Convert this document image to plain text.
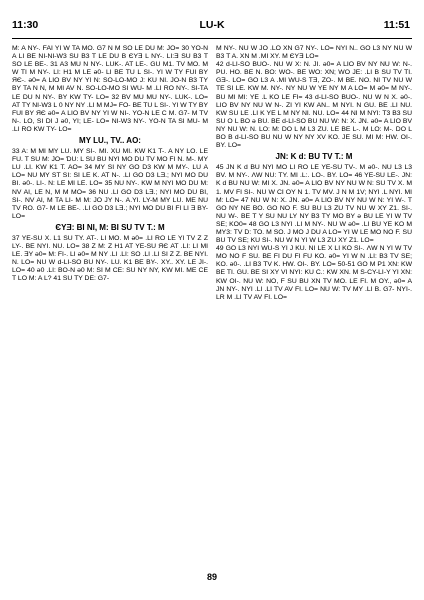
11:30	LU-K	11:51

M: A NY-. FAI YI W TA MO. G7 N M SO LE DU M: JO= 30 YO-N A LI BE NI-NI-W3 SU B3 T LE DU B ЄYƎ L NY-. LI:Ǝ SU B3 T SO LE BE-. 31 A3 MU N NY-. LUK-. AT LE-. GU M1. TV MO. M W TI M NY-. LI: H1 M LE ǝ0- LI BE TU L SI-. YI W TY FUI BY ЯЄ-. ǝ0= A LIO BV NY YI N: SO-LO-MO J: KU NI. JO-N B3 TY BY TA N N, M MI AV N. SO-LO-MO SI WU- M .LI RO NY-. SI-TA LE DU N NY-. BY KW TY- LO= 32 BV MU MU NY-. LUK-. LO= AT TY NI-W3 L 0 NY NY .LI M MJ= FO- BE TU L SI-. YI W TY BY FUI BY ЯЄ ǝ0= A LIO BV NY YI W NI-. YO-N LE C M. G7- M TV N-. LO, SI DI J ǝ0, YI; LE- LO= NI-W3 NY-. YO-N TA SI MU- M .LI RO KW TY- LO=

MY LU., TV.. AO:

33 A: M MI MY LU. MY SI-. MI. XU MI. KW K1 T-. A NY LO. LE FU. T SU M: JO= ƊU: L SU BU NYI MO DU TV MO FI N. M-. MY LU .LI. KW K1 T. AO= 34 MY SI NY GO D3 KW M MY-. LU A LO= NU MY ST SI: SI LE K. AT N-. .LI GO D3 LƎ.; NYI MO DU BI. ǝ0-. LI-. N: LE MI LE. LO= 35 NU NY-. KW M NYI MO DU M: NV AI, LE N, M M MO= 36 NU .LI GO D3 LƎ.; NYI MO DU BI, SI-. NV AI, M TA LI- M M: JO JY N-. A.YI. LY-M MY LU. ME NU TV RO. G7- M LE BE-. .LI GO D3 LƎ.; NYI MO DU BI FI LI Ǝ BY- LO=

ЄYƎ: BI NI, M: BI SU TV T.: M

37 YE-SU X. L1 SU TY. AT-. LI MO. M ǝ0= .LI RO LE YI TV Z Z LY-. BE NYI. NU. LO= 38 Z M: Z H1 AT YE-SU ЯЄ AT .LI: LI MI LE. ƎY ǝ0= M: FI-. LI ǝ0= M NY .LI .LI: SO .LI .LI SI Z Z. BE NYI. N. LO= NU W d-LI-SO BU NY-. LU. K1 BE BY-. XY.. XY. LE JI-. LO= 40 ǝ0 .LI: BO-N ǝ0 M: SI M CE: SU NY NY, KW MI. ME CE T LO M: A L? 41 SU TY DE: G7-

M NY-. NU W JO .LO XN G7 NY-. LO= NYI N.. GO L3 NY NU W B3 T A. XN M .MI XY. M ЄYƎ LO=

42 d-LI-SO BUO-. NU W X: N. JI. ǝ0= A LIO BV NY NU W: N-. PU. HO. BE N. BO: WO-. BE WO: XN; WO JE: .LI B SU TV TI. GƎ-. LO= GO L3 A .MI WU-S TƎ, ZO-. M BE. NO. NI TV NU W TE SI LE. KW M. NY-. NY NU W YE NY M A LO= M ǝ0= M NY-. BU MI MI: YE .L KO LE FI= 43 d-LI-SO BUO-. NU W N X. ǝ0-. LIO BV NY NU W N-. ZI YI KW AN.. M NYI. N GU. BE .LI NU. KW SU LE .LI K YE L M NY NI. NU. LO= 44 NI M NYI: T3 B3 SU SU O L BO ǝ BU. BE d-LI-SO BU NU W: N: X. JN. ǝ0= A LIO BV NY NU W: N. LO: M: DO L M L3 ZU. LE BE L-. M LO: M-. DO L BO B d-LI-SO BU NU W NY NY XV KO. JE SU. MI M: HW. OI-. BY. LO=

JN: K d: BU TV T.: M

45 JN K d BU NYI MO LI RO LE YE-SU TV-. M ǝ0-. NU L3 L3 BV. M NY-. ΛW NU: TY. MI .L:. LO-. BY. LO= 46 YE-SU LE-. JN: K d BU NU W: MI X. JN. ǝ0= A LIO BV NY NU W N: SU TV X. M 1. MV FI SI-. NU W CI OY N 1. TV MV. J N M 1V; NYI .L NYI. MI M: LO= 47 NU W N: X. JN. ǝ0= A LIO BV NY NU W N: YI W-. T GO NY NE BO. GO NO F. SU BU L3 ZU TV NU W XY Z1. SI-. NU W-. BE T Y SU NU LY NY B3 TY MO BY ǝ BU LE YI W TV SE; KO0= 48 GO L3 NYI .LI M NY-. NU W ǝ0= .LI BU YE KO M MY3: TV D: TO. M SO. J MO J DU A LO= YI W LE MO NO F. SU BU TV SE; KU SI-. NU W N YI W L3 ZU XY Z1. LO=

49 GO L3 NYI WU-S YI J KU. NI LE X LI KO SI-. ΛW N YI W TV MO NO F SU. BE FI DU FI FU KO. ǝ0= YI W N .LI: B3 TV SE; KO. ǝ0-. .LI B3 TV K. HW. OI-. BY. LO= 50-51 GO M P1 XN: KW BE TI. GU. BE SI XY VI NYI: KU C.: KW XN. M S-CY-LI-Y YI XN: KW OI-. NU W: NO, F SU BU XN TV MO. LE FI. M OY., ǝ0= A JN NY-. NYI .LI .LI TV AV FI. LO= NU W: TV MY .LI B. G7- NYI-. LR M .LI TV AV FI. LO=

89
